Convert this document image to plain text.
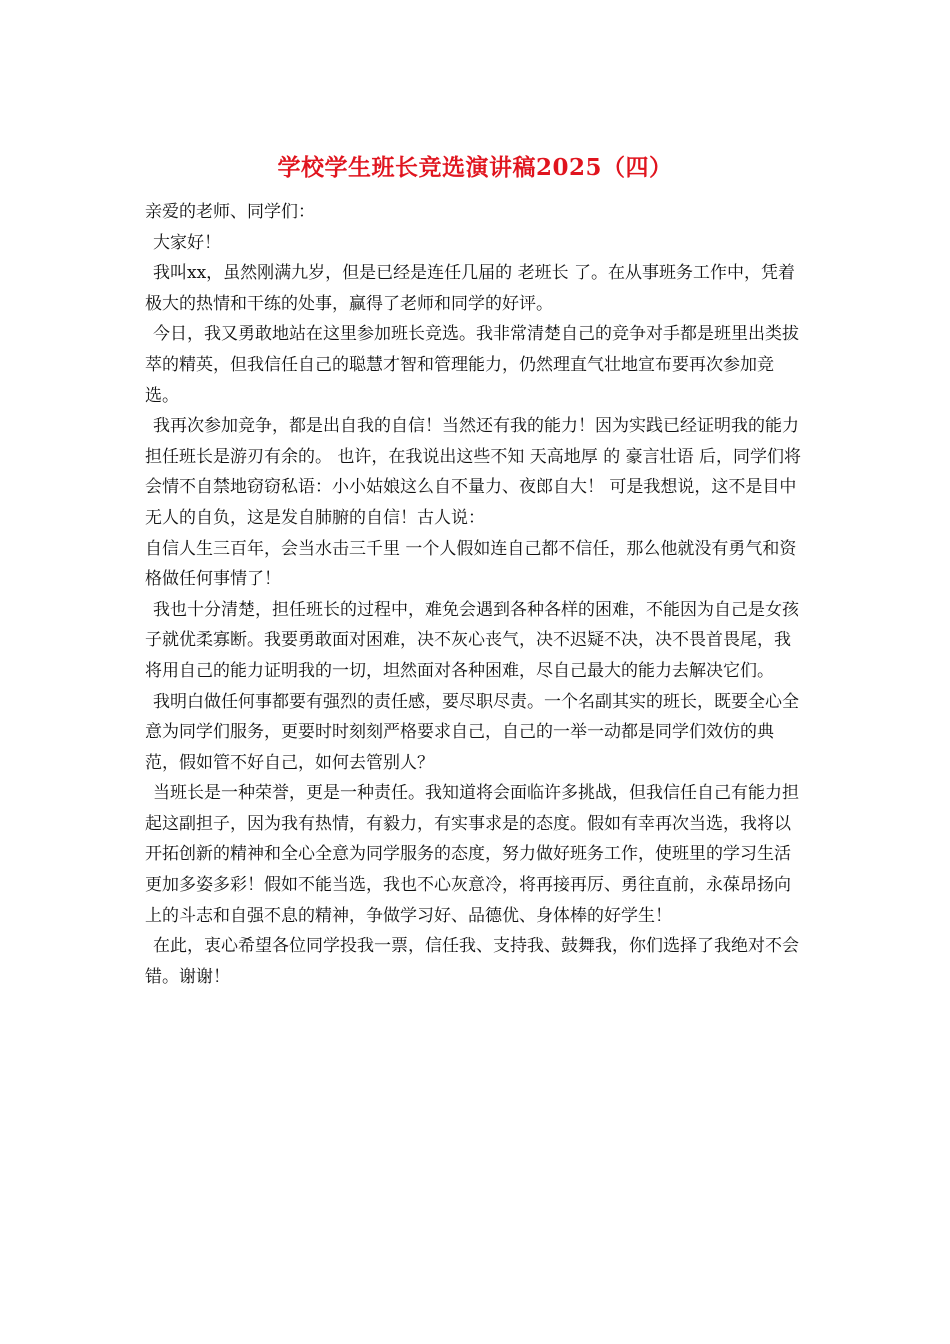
学校学生班长竞选演讲稿2025（四）

亲爱的老师、同学们：

大家好！

我叫xx，虽然刚满九岁，但是已经是连任几届的 老班长 了。在从事班务工作中，凭着极大的热情和干练的处事，赢得了老师和同学的好评。

今日，我又勇敢地站在这里参加班长竞选。我非常清楚自己的竞争对手都是班里出类拔萃的精英，但我信任自己的聪慧才智和管理能力，仍然理直气壮地宣布要再次参加竞选。

我再次参加竞争，都是出自我的自信！当然还有我的能力！因为实践已经证明我的能力担任班长是游刃有余的。 也许，在我说出这些不知 天高地厚 的 豪言壮语 后，同学们将会情不自禁地窃窃私语：小小姑娘这么自不量力、夜郎自大！ 可是我想说，这不是目中无人的自负，这是发自肺腑的自信！古人说：

自信人生三百年，会当水击三千里 一个人假如连自己都不信任，那么他就没有勇气和资格做任何事情了！

我也十分清楚，担任班长的过程中，难免会遇到各种各样的困难，不能因为自己是女孩子就优柔寡断。我要勇敢面对困难，决不灰心丧气，决不迟疑不决，决不畏首畏尾，我将用自己的能力证明我的一切，坦然面对各种困难，尽自己最大的能力去解决它们。

我明白做任何事都要有强烈的责任感，要尽职尽责。一个名副其实的班长，既要全心全意为同学们服务，更要时时刻刻严格要求自己，自己的一举一动都是同学们效仿的典范，假如管不好自己，如何去管别人？

当班长是一种荣誉，更是一种责任。我知道将会面临许多挑战，但我信任自己有能力担起这副担子，因为我有热情，有毅力，有实事求是的态度。假如有幸再次当选，我将以开拓创新的精神和全心全意为同学服务的态度，努力做好班务工作，使班里的学习生活更加多姿多彩！假如不能当选，我也不心灰意冷，将再接再厉、勇往直前，永葆昂扬向上的斗志和自强不息的精神，争做学习好、品德优、身体棒的好学生！

在此，衷心希望各位同学投我一票，信任我、支持我、鼓舞我，你们选择了我绝对不会错。谢谢！
